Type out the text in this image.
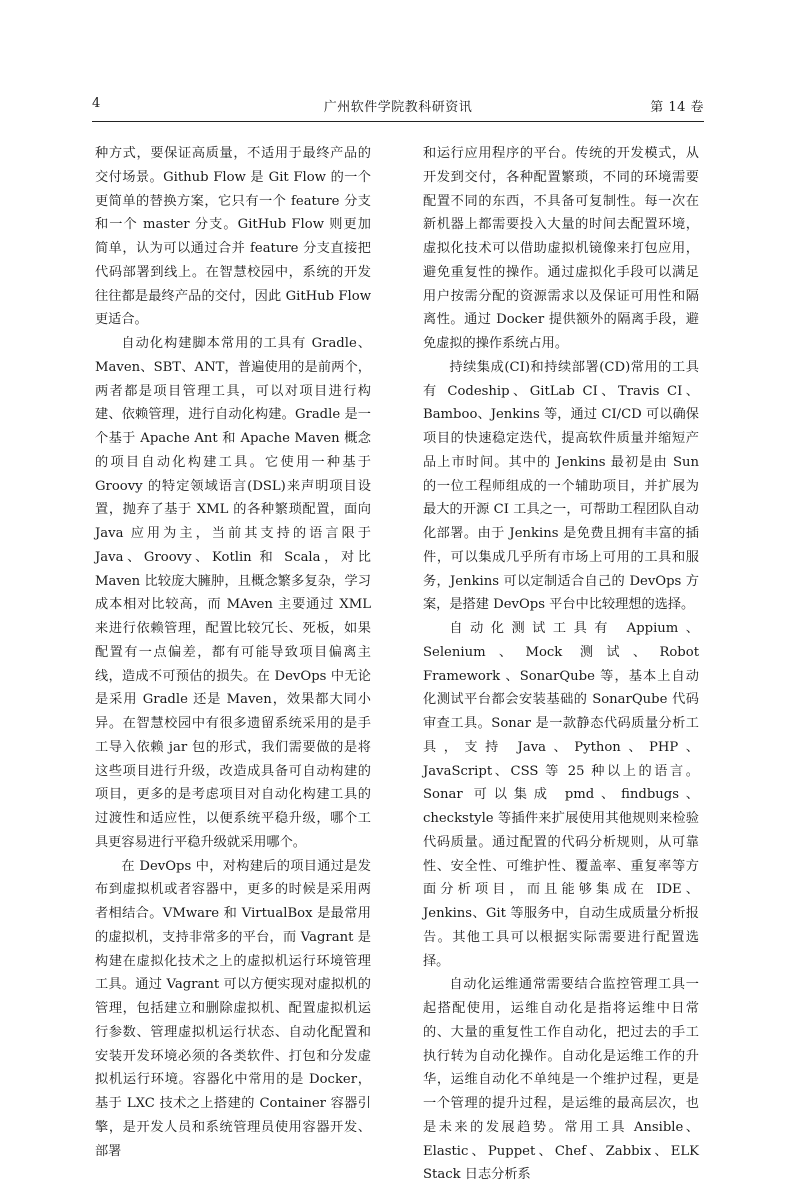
4	广州软件学院教科研资讯	第 14 卷

种方式，要保证高质量，不适用于最终产品的交付场景。Github Flow 是 Git Flow 的一个更简单的替换方案，它只有一个 feature 分支和一个 master 分支。GitHub Flow 则更加简单，认为可以通过合并 feature 分支直接把代码部署到线上。在智慧校园中，系统的开发往往都是最终产品的交付，因此 GitHub Flow 更适合。

自动化构建脚本常用的工具有 Gradle、Maven、SBT、ANT，普遍使用的是前两个，两者都是项目管理工具，可以对项目进行构建、依赖管理，进行自动化构建。Gradle 是一个基于 Apache Ant 和 Apache Maven 概念的项目自动化构建工具。它使用一种基于 Groovy 的特定领域语言(DSL)来声明项目设置，抛弃了基于 XML 的各种繁琐配置，面向 Java 应用为主，当前其支持的语言限于 Java、Groovy、Kotlin 和 Scala，对比 Maven 比较庞大臃肿，且概念繁多复杂，学习成本相对比较高，而 MAven 主要通过 XML 来进行依赖管理，配置比较冗长、死板，如果配置有一点偏差，都有可能导致项目偏离主线，造成不可预估的损失。在 DevOps 中无论是采用 Gradle 还是 Maven，效果都大同小异。在智慧校园中有很多遗留系统采用的是手工导入依赖 jar 包的形式，我们需要做的是将这些项目进行升级，改造成具备可自动构建的项目，更多的是考虑项目对自动化构建工具的过渡性和适应性，以便系统平稳升级，哪个工具更容易进行平稳升级就采用哪个。

在 DevOps 中，对构建后的项目通过是发布到虚拟机或者容器中，更多的时候是采用两者相结合。VMware 和 VirtualBox 是最常用的虚拟机，支持非常多的平台，而 Vagrant 是构建在虚拟化技术之上的虚拟机运行环境管理工具。通过 Vagrant 可以方便实现对虚拟机的管理，包括建立和删除虚拟机、配置虚拟机运行参数、管理虚拟机运行状态、自动化配置和安装开发环境必须的各类软件、打包和分发虚拟机运行环境。容器化中常用的是 Docker，基于 LXC 技术之上搭建的 Container 容器引擎，是开发人员和系统管理员使用容器开发、部署

和运行应用程序的平台。传统的开发模式，从开发到交付，各种配置繁琐，不同的环境需要配置不同的东西，不具备可复制性。每一次在新机器上都需要投入大量的时间去配置环境，虚拟化技术可以借助虚拟机镜像来打包应用，避免重复性的操作。通过虚拟化手段可以满足用户按需分配的资源需求以及保证可用性和隔离性。通过 Docker 提供额外的隔离手段，避免虚拟的操作系统占用。

持续集成(CI)和持续部署(CD)常用的工具有 Codeship、GitLab CI、Travis CI、Bamboo、Jenkins 等，通过 CI/CD 可以确保项目的快速稳定迭代，提高软件质量并缩短产品上市时间。其中的 Jenkins 最初是由 Sun 的一位工程师组成的一个辅助项目，并扩展为最大的开源 CI 工具之一，可帮助工程团队自动化部署。由于 Jenkins 是免费且拥有丰富的插件，可以集成几乎所有市场上可用的工具和服务，Jenkins 可以定制适合自己的 DevOps 方案，是搭建 DevOps 平台中比较理想的选择。

自动化测试工具有 Appium、Selenium、Mock 测试、Robot Framework 、SonarQube 等，基本上自动化测试平台都会安装基础的 SonarQube 代码审查工具。Sonar 是一款静态代码质量分析工具，支持 Java、Python、PHP、JavaScript、CSS 等 25 种以上的语言。Sonar 可以集成 pmd、findbugs、checkstyle 等插件来扩展使用其他规则来检验代码质量。通过配置的代码分析规则，从可靠性、安全性、可维护性、覆盖率、重复率等方面分析项目，而且能够集成在 IDE、Jenkins、Git 等服务中，自动生成质量分析报告。其他工具可以根据实际需要进行配置选择。

自动化运维通常需要结合监控管理工具一起搭配使用，运维自动化是指将运维中日常的、大量的重复性工作自动化，把过去的手工执行转为自动化操作。自动化是运维工作的升华，运维自动化不单纯是一个维护过程，更是一个管理的提升过程，是运维的最高层次，也是未来的发展趋势。常用工具 Ansible、Elastic、Puppet、Chef、Zabbix、ELK Stack 日志分析系
